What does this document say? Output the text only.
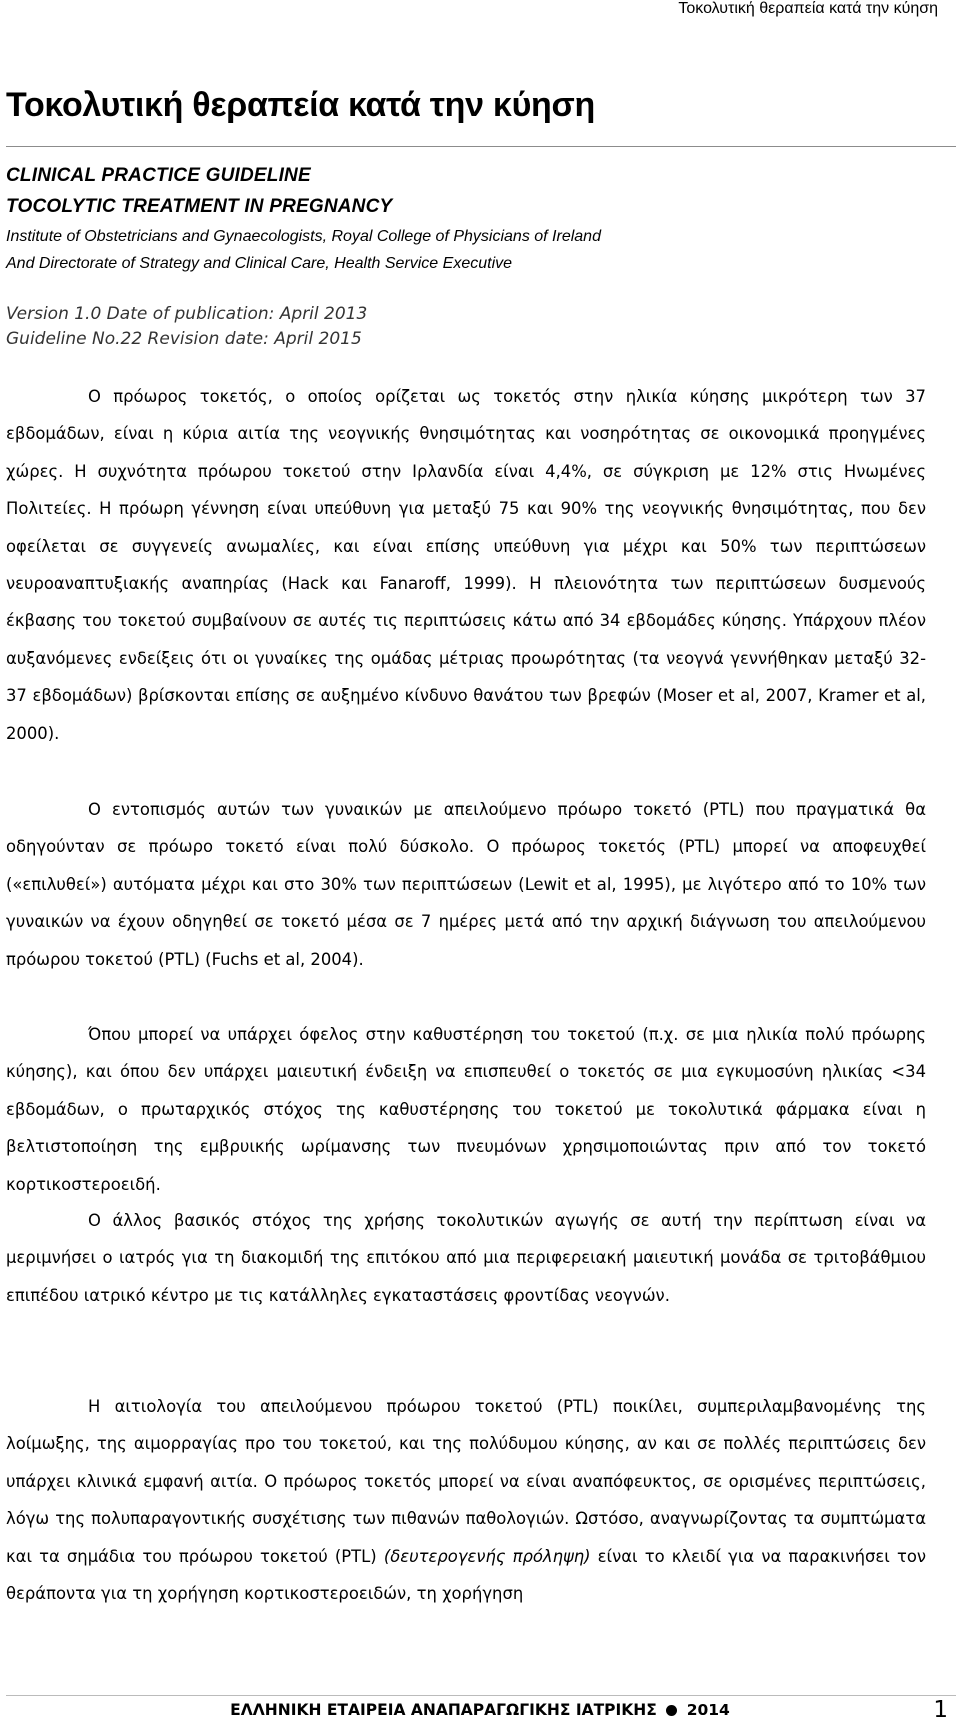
Τοκολυτική θεραπεία κατά την κύηση
Τοκολυτική θεραπεία κατά την κύηση
CLINICAL PRACTICE GUIDELINE
TOCOLYTIC TREATMENT IN PREGNANCY
Institute of Obstetricians and Gynaecologists, Royal College of Physicians of Ireland
And Directorate of Strategy and Clinical Care, Health Service Executive
Version 1.0 Date of publication: April 2013
Guideline No.22 Revision date: April 2015

Ο πρόωρος τοκετός, ο οποίος ορίζεται ως τοκετός στην ηλικία κύησης μικρότερη των 37 εβδομάδων, είναι η κύρια αιτία της νεογνικής θνησιμότητας και νοσηρότητας σε οικονομικά προηγμένες χώρες. Η συχνότητα πρόωρου τοκετού στην Ιρλανδία είναι 4,4%, σε σύγκριση με 12% στις Ηνωμένες Πολιτείες. Η πρόωρη γέννηση είναι υπεύθυνη για μεταξύ 75 και 90% της νεογνικής θνησιμότητας, που δεν οφείλεται σε συγγενείς ανωμαλίες, και είναι επίσης υπεύθυνη για μέχρι και 50% των περιπτώσεων νευροαναπτυξιακής αναπηρίας (Hack και Fanaroff, 1999). Η πλειονότητα των περιπτώσεων δυσμενούς έκβασης του τοκετού συμβαίνουν σε αυτές τις περιπτώσεις κάτω από 34 εβδομάδες κύησης. Υπάρχουν πλέον αυξανόμενες ενδείξεις ότι οι γυναίκες της ομάδας μέτριας προωρότητας (τα νεογνά γεννήθηκαν μεταξύ 32-37 εβδομάδων) βρίσκονται επίσης σε αυξημένο κίνδυνο θανάτου των βρεφών (Moser et al, 2007, Kramer et al, 2000).

Ο εντοπισμός αυτών των γυναικών με απειλούμενο πρόωρο τοκετό (PTL) που πραγματικά θα οδηγούνταν σε πρόωρο τοκετό είναι πολύ δύσκολο. Ο πρόωρος τοκετός (PTL) μπορεί να αποφευχθεί («επιλυθεί») αυτόματα μέχρι και στο 30% των περιπτώσεων (Lewit et al, 1995), με λιγότερο από το 10% των γυναικών να έχουν οδηγηθεί σε τοκετό μέσα σε 7 ημέρες μετά από την αρχική διάγνωση του απειλούμενου πρόωρου τοκετού (PTL) (Fuchs et al, 2004).

Όπου μπορεί να υπάρχει όφελος στην καθυστέρηση του τοκετού (π.χ. σε μια ηλικία πολύ πρόωρης κύησης), και όπου δεν υπάρχει μαιευτική ένδειξη να επισπευθεί ο τοκετός σε μια εγκυμοσύνη ηλικίας <34 εβδομάδων, ο πρωταρχικός στόχος της καθυστέρησης του τοκετού με τοκολυτικά φάρμακα είναι η βελτιστοποίηση της εμβρυικής ωρίμανσης των πνευμόνων χρησιμοποιώντας πριν από τον τοκετό κορτικοστεροειδή.

Ο άλλος βασικός στόχος της χρήσης τοκολυτικών αγωγής σε αυτή την περίπτωση είναι να μεριμνήσει ο ιατρός για τη διακομιδή της επιτόκου από μια περιφερειακή μαιευτική μονάδα σε τριτοβάθμιου επιπέδου ιατρικό κέντρο με τις κατάλληλες εγκαταστάσεις φροντίδας νεογνών.

Η αιτιολογία του απειλούμενου πρόωρου τοκετού (PTL) ποικίλει, συμπεριλαμβανομένης της λοίμωξης, της αιμορραγίας προ του τοκετού, και της πολύδυμου κύησης, αν και σε πολλές περιπτώσεις δεν υπάρχει κλινικά εμφανή αιτία. Ο πρόωρος τοκετός μπορεί να είναι αναπόφευκτος, σε ορισμένες περιπτώσεις, λόγω της πολυπαραγοντικής συσχέτισης των πιθανών παθολογιών. Ωστόσο, αναγνωρίζοντας τα συμπτώματα και τα σημάδια του πρόωρου τοκετού (PTL) (δευτερογενής πρόληψη) είναι το κλειδί για να παρακινήσει τον θεράποντα για τη χορήγηση κορτικοστεροειδών, τη χορήγηση

ΕΛΛΗΝΙΚΗ ΕΤΑΙΡΕΙΑ ΑΝΑΠΑΡΑΓΩΓΙΚΗΣ ΙΑΤΡΙΚΗΣ 2014	1
